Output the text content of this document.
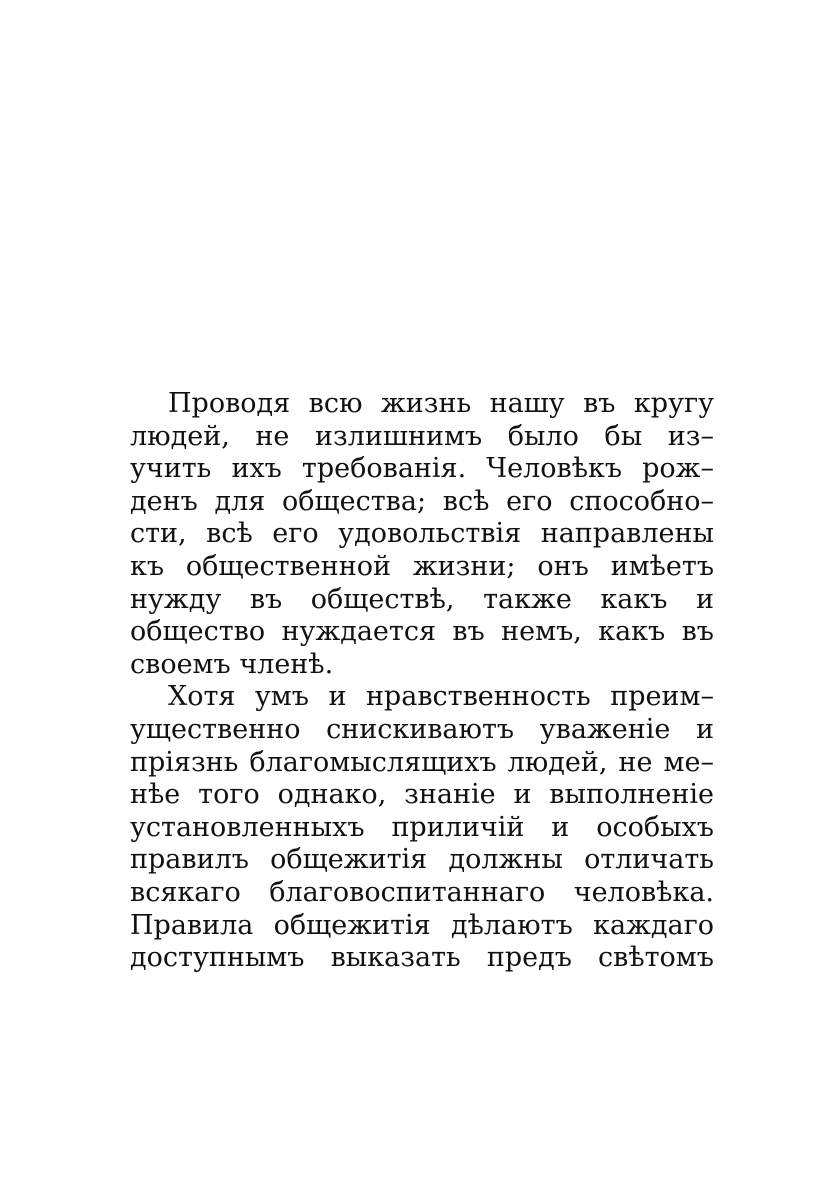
Проводя всю жизнь нашу въ кругу
людей, не излишнимъ было бы из–
учить ихъ требованія. Человѣкъ рож–
денъ для общества; всѣ его способно–
сти, всѣ его удовольствія направлены
къ общественной жизни; онъ имѣетъ
нужду въ обществѣ, также какъ и
общество нуждается въ немъ, какъ въ
своемъ членѣ.
Хотя умъ и нравственность преим–
ущественно снискиваютъ уваженіе и
пріязнь благомыслящихъ людей, не ме–
нѣе того однако, знаніе и выполненіе
установленныхъ приличій и особыхъ
правилъ общежитія должны отличать
всякаго благовоспитаннаго человѣка.
Правила общежитія дѣлаютъ каждаго
доступнымъ выказать предъ свѣтомъ
